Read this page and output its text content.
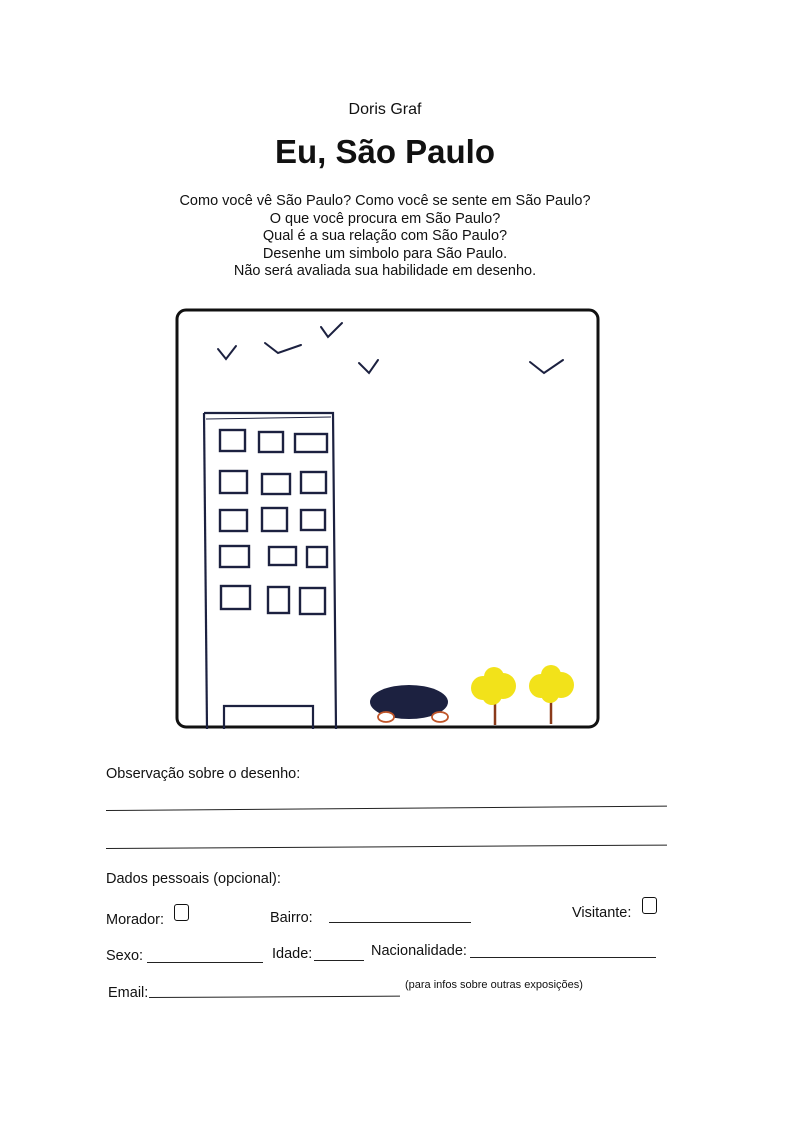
Doris Graf
Eu, São Paulo
Como você vê São Paulo? Como você se sente em São Paulo?
O que você procura em São Paulo?
Qual é a sua relação com São Paulo?
Desenhe um simbolo para São Paulo.
Não será avaliada sua habilidade em desenho.
Observação sobre o desenho:
Dados pessoais (opcional):
Morador:	Bairro:	Visitante:
Sexo:	Idade:	Nacionalidade:
Email:	(para infos sobre outras exposições)
